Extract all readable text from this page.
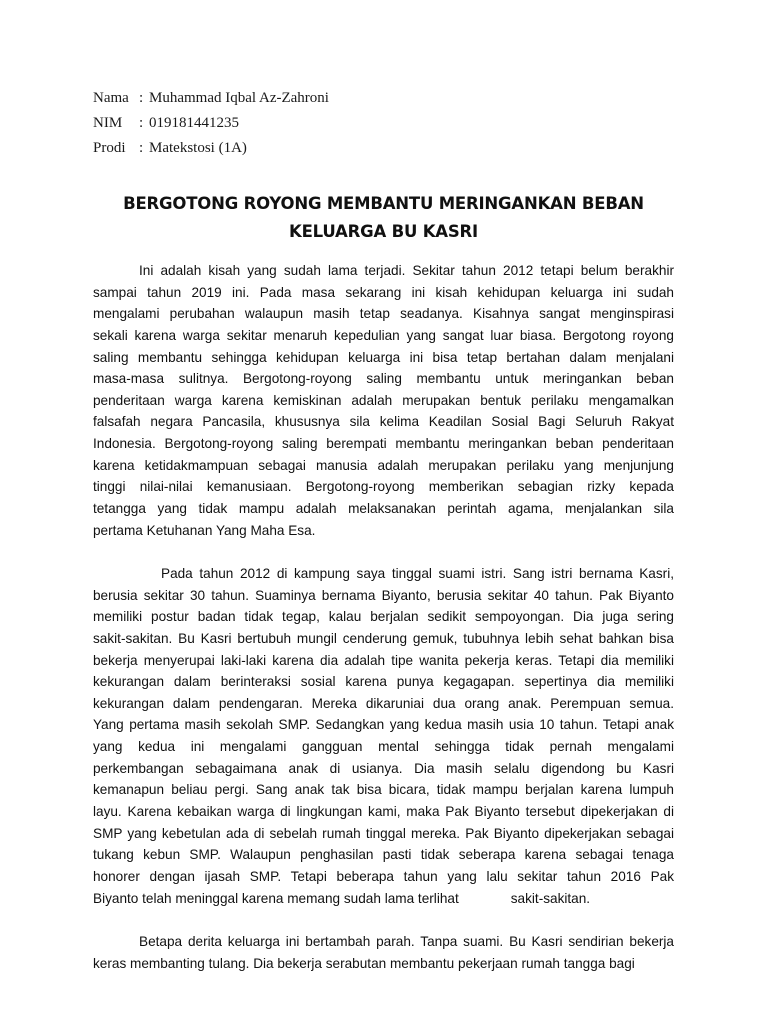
Nama : Muhammad Iqbal Az-Zahroni
NIM	: 019181441235
Prodi : Matekstosi (1A)
BERGOTONG ROYONG MEMBANTU MERINGANKAN BEBAN
KELUARGA BU KASRI
Ini adalah kisah yang sudah lama terjadi. Sekitar tahun 2012 tetapi belum berakhir
sampai tahun 2019 ini. Pada masa sekarang ini kisah kehidupan keluarga ini sudah
mengalami perubahan walaupun masih tetap seadanya. Kisahnya sangat menginspirasi
sekali karena warga sekitar menaruh kepedulian yang sangat luar biasa. Bergotong royong
saling membantu sehingga kehidupan keluarga ini bisa tetap bertahan dalam menjalani
masa-masa sulitnya. Bergotong-royong saling membantu untuk meringankan beban
penderitaan warga karena kemiskinan adalah merupakan bentuk perilaku mengamalkan
falsafah negara Pancasila, khususnya sila kelima Keadilan Sosial Bagi Seluruh Rakyat
Indonesia. Bergotong-royong saling berempati membantu meringankan beban penderitaan
karena ketidakmampuan sebagai manusia adalah merupakan perilaku yang menjunjung
tinggi nilai-nilai kemanusiaan. Bergotong-royong memberikan sebagian rizky kepada
tetangga yang tidak mampu adalah melaksanakan perintah agama, menjalankan sila
pertama Ketuhanan Yang Maha Esa.
Pada tahun 2012 di kampung saya tinggal suami istri. Sang istri bernama Kasri,
berusia sekitar 30 tahun. Suaminya bernama Biyanto, berusia sekitar 40 tahun. Pak Biyanto
memiliki postur badan tidak tegap, kalau berjalan sedikit sempoyongan. Dia juga sering
sakit-sakitan. Bu Kasri bertubuh mungil cenderung gemuk, tubuhnya lebih sehat bahkan bisa
bekerja menyerupai laki-laki karena dia adalah tipe wanita pekerja keras. Tetapi dia memiliki
kekurangan dalam berinteraksi sosial karena punya kegagapan. sepertinya dia memiliki
kekurangan dalam pendengaran. Mereka dikaruniai dua orang anak. Perempuan semua.
Yang pertama masih sekolah SMP. Sedangkan yang kedua masih usia 10 tahun. Tetapi anak
yang kedua ini mengalami gangguan mental sehingga tidak pernah mengalami
perkembangan sebagaimana anak di usianya. Dia masih selalu digendong bu Kasri
kemanapun beliau pergi. Sang anak tak bisa bicara, tidak mampu berjalan karena lumpuh
layu. Karena kebaikan warga di lingkungan kami, maka Pak Biyanto tersebut dipekerjakan di
SMP yang kebetulan ada di sebelah rumah tinggal mereka. Pak Biyanto dipekerjakan sebagai
tukang kebun SMP. Walaupun penghasilan pasti tidak seberapa karena sebagai tenaga
honorer dengan ijasah SMP. Tetapi beberapa tahun yang lalu sekitar tahun 2016 Pak
Biyanto telah meninggal karena memang sudah lama terlihat	sakit-sakitan.
Betapa derita keluarga ini bertambah parah. Tanpa suami. Bu Kasri sendirian bekerja
keras membanting tulang. Dia bekerja serabutan membantu pekerjaan rumah tangga bagi
